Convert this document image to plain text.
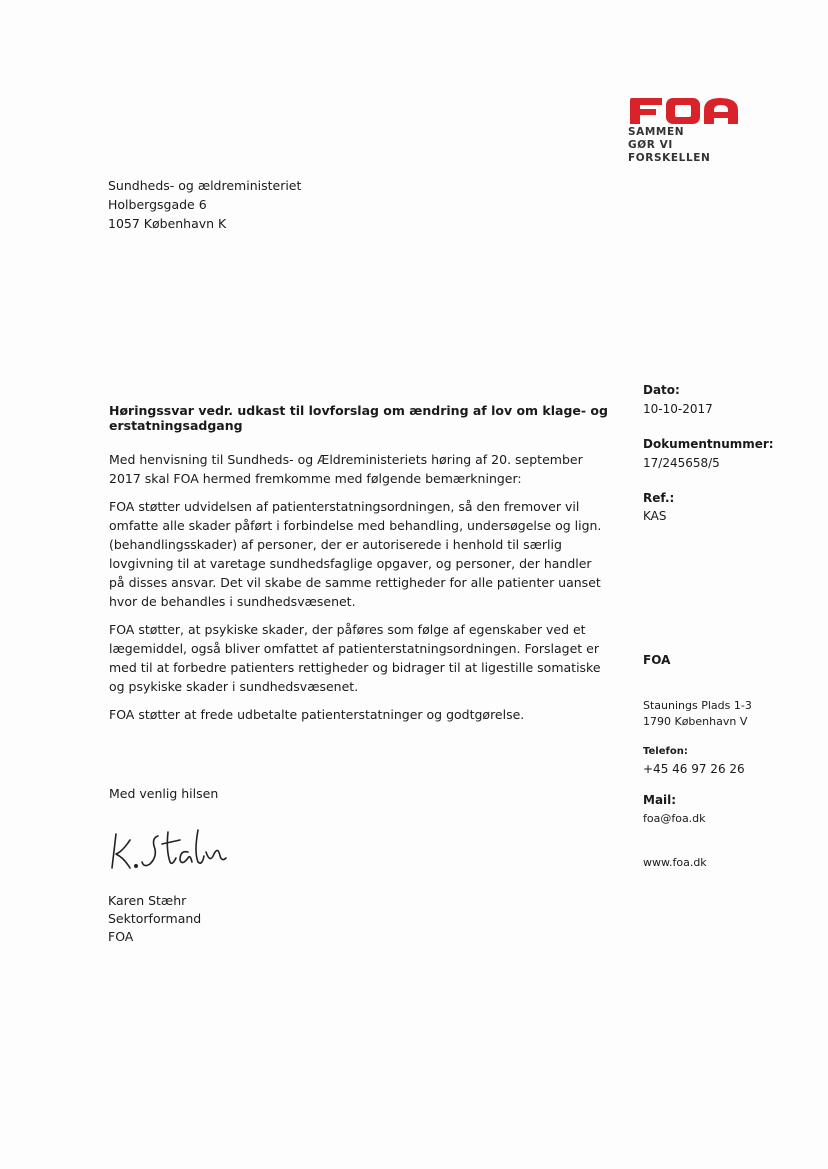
SAMMEN
GØR VI FORSKELLEN
Sundheds- og ældreministeriet
Holbergsgade 6
1057 København K
Høringssvar vedr. udkast til lovforslag om ændring af lov om klage- og erstatningsadgang

Med henvisning til Sundheds- og Ældreministeriets høring af 20. september 2017 skal FOA hermed fremkomme med følgende bemærkninger:

FOA støtter udvidelsen af patienterstatningsordningen, så den fremover vil omfatte alle skader påført i forbindelse med behandling, undersøgelse og lign. (behandlingsskader) af personer, der er autoriserede i henhold til særlig lovgivning til at varetage sundhedsfaglige opgaver, og personer, der handler på disses ansvar. Det vil skabe de samme rettigheder for alle patienter uanset hvor de behandles i sundhedsvæsenet.

FOA støtter, at psykiske skader, der påføres som følge af egenskaber ved et lægemiddel, også bliver omfattet af patienterstatningsordningen. Forslaget er med til at forbedre patienters rettigheder og bidrager til at ligestille somatiske og psykiske skader i sundhedsvæsenet.

FOA støtter at frede udbetalte patienterstatninger og godtgørelse.

Med venlig hilsen
Karen Stæhr
Sektorformand
FOA
Dato:
10-10-2017
Dokumentnummer:
17/245658/5
Ref.:
KAS
FOA
Staunings Plads 1-3
1790 København V
Telefon:
+45 46 97 26 26
Mail:
foa@foa.dk
www.foa.dk
